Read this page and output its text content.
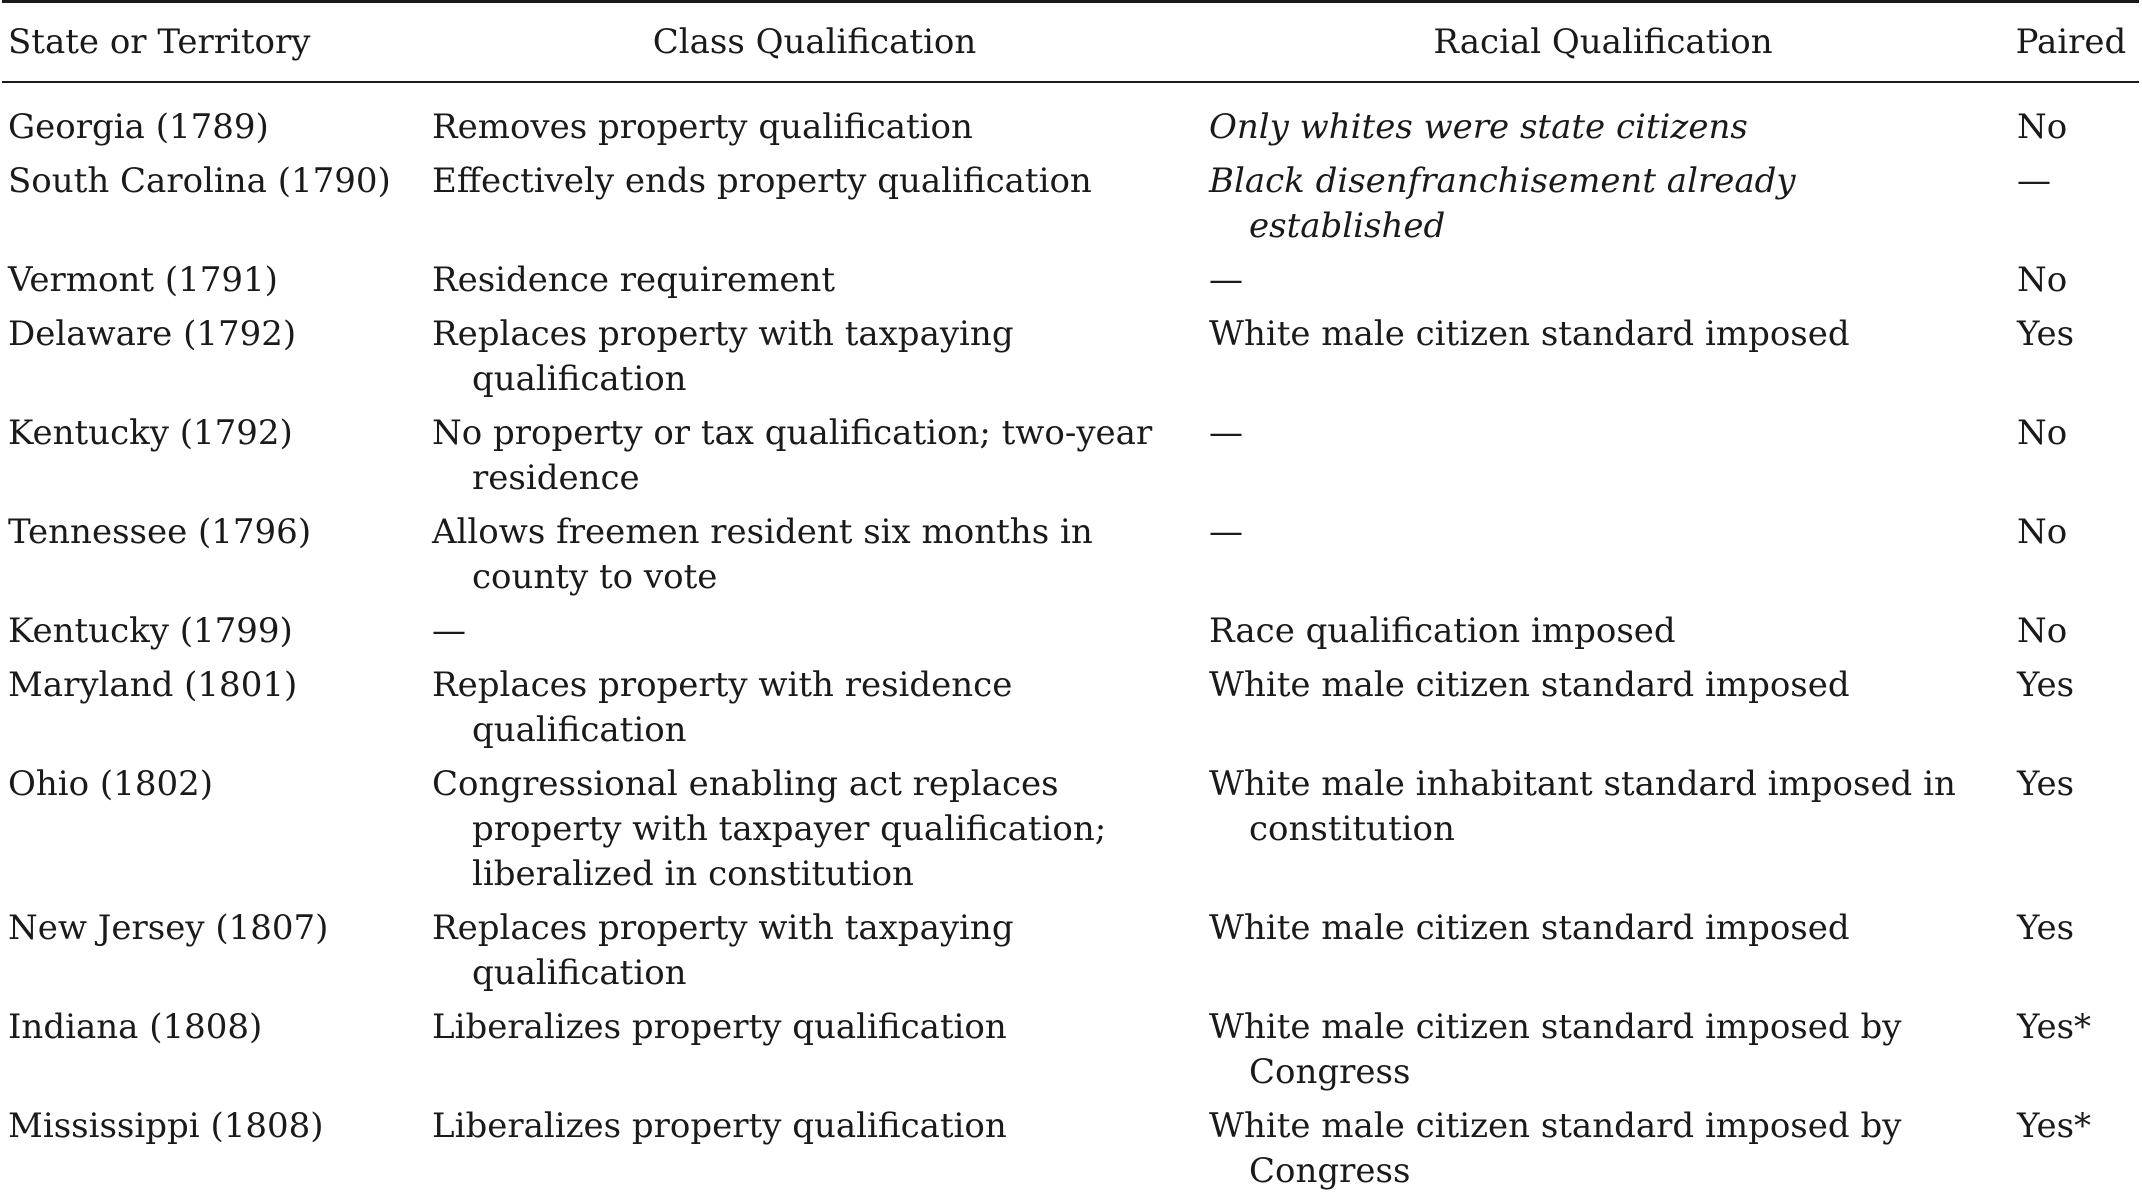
State or Territory	Class Qualification	Racial Qualification	Paired

Georgia (1789)	Removes property qualification	Only whites were state citizens	No

South Carolina (1790)	Effectively ends property qualification	Black disenfranchisement already established	—

Vermont (1791)	Residence requirement	—	No

Delaware (1792)	Replaces property with taxpaying qualification	White male citizen standard imposed	Yes

Kentucky (1792)	No property or tax qualification; two-year residence	—	No

Tennessee (1796)	Allows freemen resident six months in county to vote	—	No

Kentucky (1799)	—	Race qualification imposed	No

Maryland (1801)	Replaces property with residence qualification	White male citizen standard imposed	Yes

Ohio (1802)	Congressional enabling act replaces property with taxpayer qualification; liberalized in constitution	White male inhabitant standard imposed in constitution	Yes

New Jersey (1807)	Replaces property with taxpaying qualification	White male citizen standard imposed	Yes

Indiana (1808)	Liberalizes property qualification	White male citizen standard imposed by Congress	Yes*

Mississippi (1808)	Liberalizes property qualification	White male citizen standard imposed by Congress	Yes*
